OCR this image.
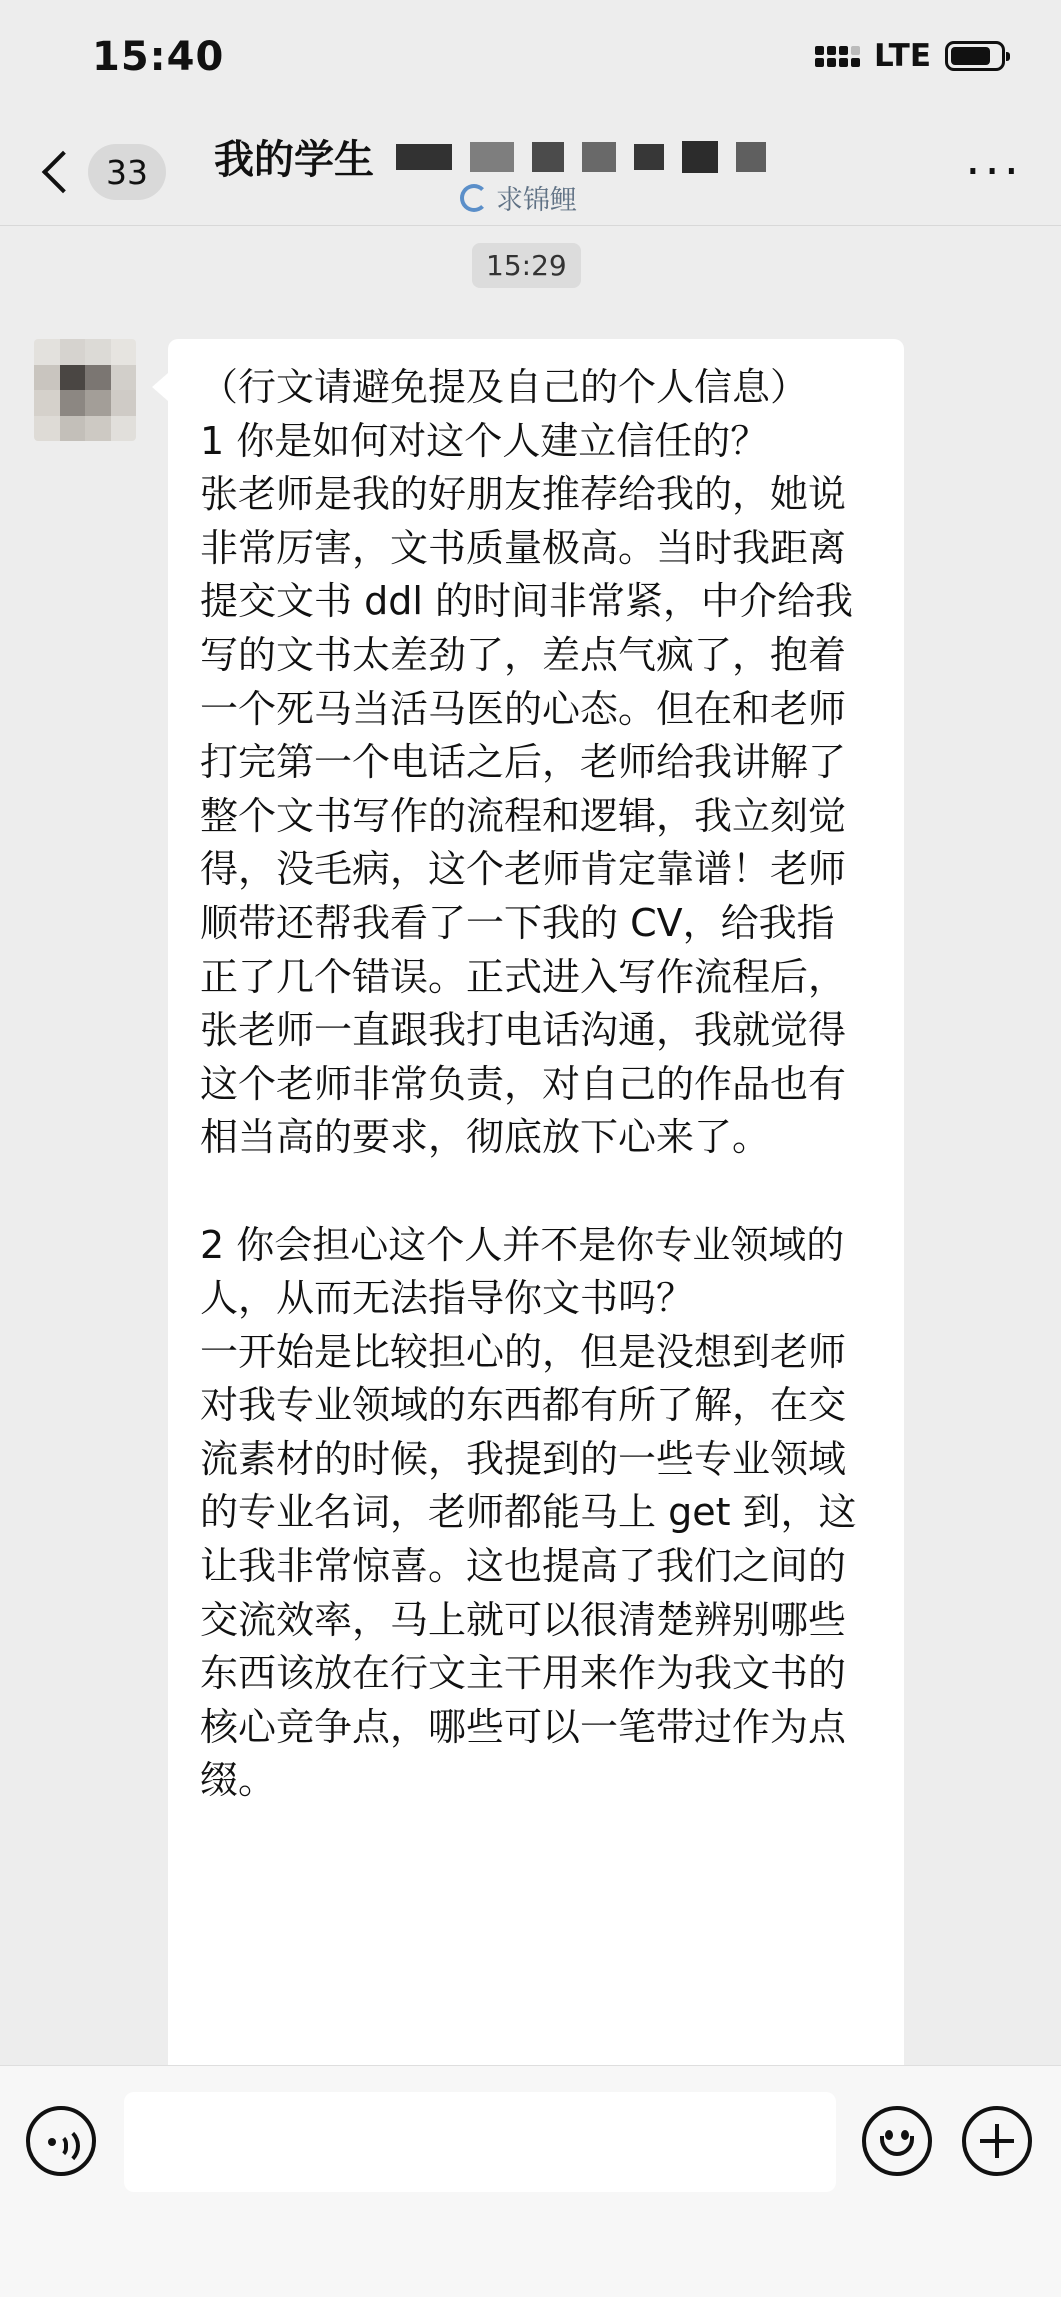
15:40	LTE
33	我的学生
求锦鲤
···
15:29
（行文请避免提及自己的个人信息）
1 你是如何对这个人建立信任的？
张老师是我的好朋友推荐给我的，她说非常厉害，文书质量极高。当时我距离提交文书 ddl 的时间非常紧，中介给我写的文书太差劲了，差点气疯了，抱着一个死马当活马医的心态。但在和老师打完第一个电话之后，老师给我讲解了整个文书写作的流程和逻辑，我立刻觉得，没毛病，这个老师肯定靠谱！老师顺带还帮我看了一下我的 CV，给我指正了几个错误。正式进入写作流程后，张老师一直跟我打电话沟通，我就觉得这个老师非常负责，对自己的作品也有相当高的要求，彻底放下心来了。

2 你会担心这个人并不是你专业领域的人，从而无法指导你文书吗？
一开始是比较担心的，但是没想到老师对我专业领域的东西都有所了解，在交流素材的时候，我提到的一些专业领域的专业名词，老师都能马上 get 到，这让我非常惊喜。这也提高了我们之间的交流效率，马上就可以很清楚辨别哪些东西该放在行文主干用来作为我文书的核心竞争点，哪些可以一笔带过作为点缀。
